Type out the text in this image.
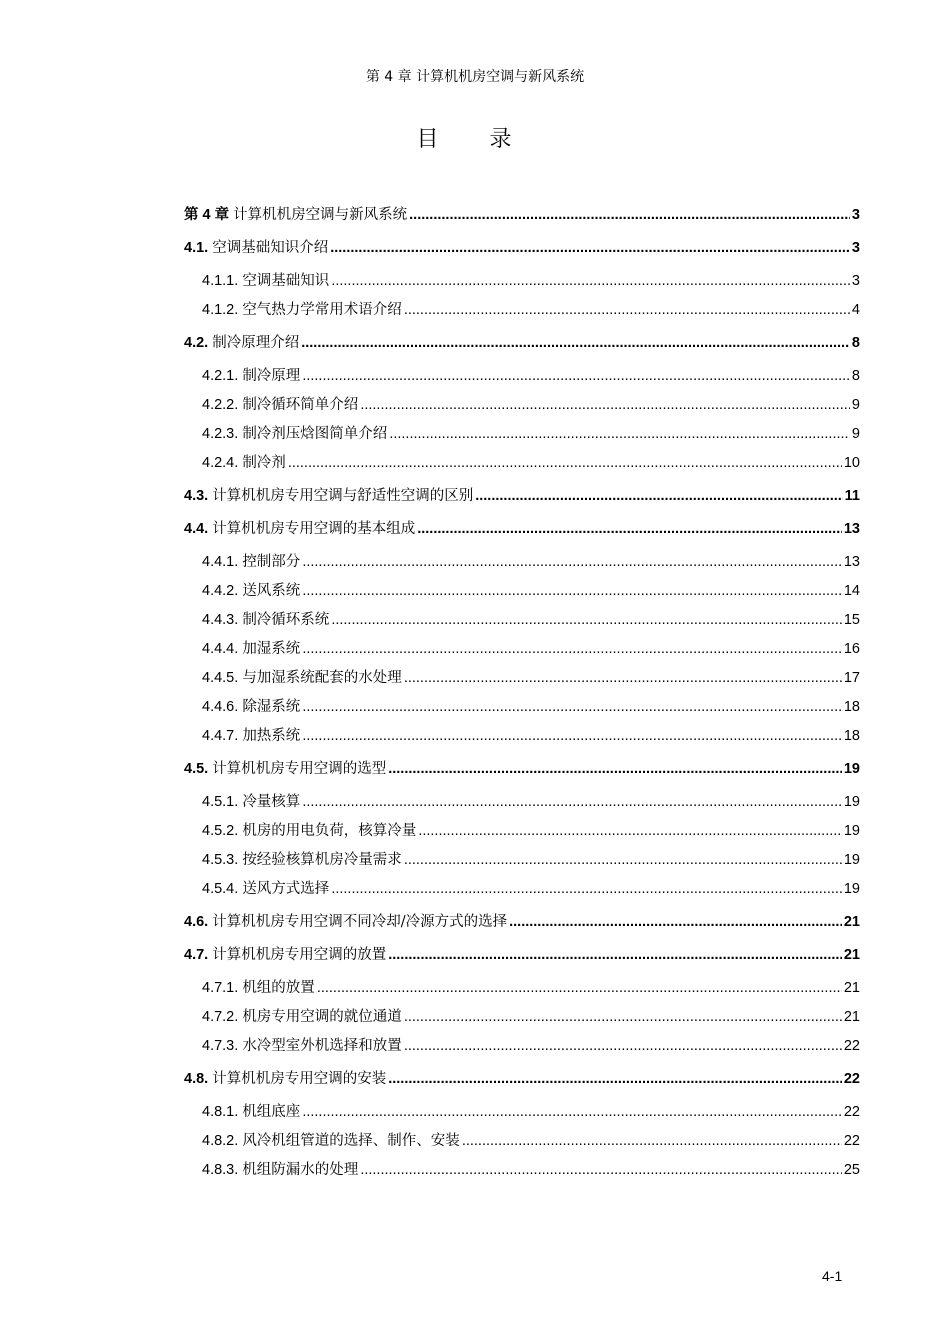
第 4 章 计算机机房空调与新风系统
目 录
第 4 章 计算机机房空调与新风系统 .....	3
4.1. 空调基础知识介绍 .....	3
4.1.1. 空调基础知识 .....	3
4.1.2. 空气热力学常用术语介绍 .....	4
4.2. 制冷原理介绍 .....	8
4.2.1. 制冷原理 .....	8
4.2.2. 制冷循环简单介绍 .....	9
4.2.3. 制冷剂压焓图简单介绍 .....	9
4.2.4. 制冷剂 .....	10
4.3. 计算机机房专用空调与舒适性空调的区别 .....	11
4.4. 计算机机房专用空调的基本组成 .....	13
4.4.1. 控制部分 .....	13
4.4.2. 送风系统 .....	14
4.4.3. 制冷循环系统 .....	15
4.4.4. 加湿系统 .....	16
4.4.5. 与加湿系统配套的水处理 .....	17
4.4.6. 除湿系统 .....	18
4.4.7. 加热系统 .....	18
4.5. 计算机机房专用空调的选型 .....	19
4.5.1. 冷量核算 .....	19
4.5.2. 机房的用电负荷，核算冷量 .....	19
4.5.3. 按经验核算机房冷量需求 .....	19
4.5.4. 送风方式选择 .....	19
4.6. 计算机机房专用空调不同冷却/冷源方式的选择 .....	21
4.7. 计算机机房专用空调的放置 .....	21
4.7.1. 机组的放置 .....	21
4.7.2. 机房专用空调的就位通道 .....	21
4.7.3. 水冷型室外机选择和放置 .....	22
4.8. 计算机机房专用空调的安装 .....	22
4.8.1. 机组底座 .....	22
4.8.2. 风冷机组管道的选择、制作、安装 .....	22
4.8.3. 机组防漏水的处理 .....	25
4-1
